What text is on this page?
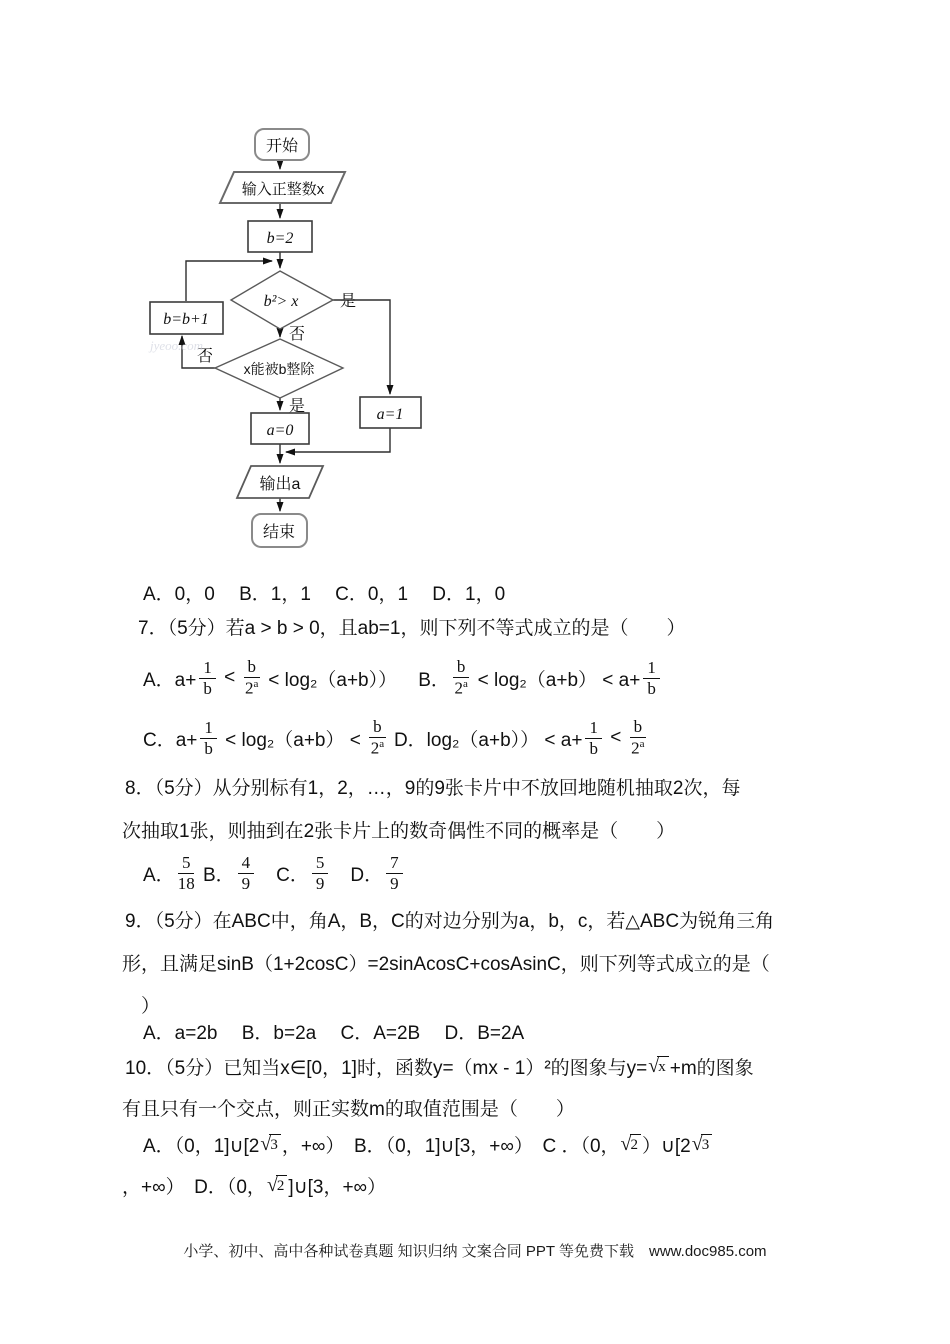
开始
输入正整数x
b=2
b²> x
b=b+1
x能被b整除
a=0
a=1
输出a
结束
是
否
否
是
jyeoo.com
A．0，0　 B．1，1　 C．0，1　 D．1，0
7．（5分）若a > b > 0，且ab=1，则下列不等式成立的是（　　）
A．$a+ \frac{1}{b} < \frac{b}{2^a} < \log_2(a+b)$）    B． $\frac{b}{2^a} < \log_2(a+b) < a+ \frac{1}{b}$
C．$a+ \frac{1}{b} < \log_2(a+b) < \frac{b}{2^a}$ D．$\log_2(a+b)) < a+ \frac{1}{b} < \frac{b}{2^a}$
8．（5分）从分别标有1，2，…，9的9张卡片中不放回地随机抽取2次，每
次抽取1张，则抽到在2张卡片上的数奇偶性不同的概率是（　　）
A． $\frac{5}{18}$ B． $\frac{4}{9}$ 　C． $\frac{5}{9}$ 　D． $\frac{7}{9}$
9．（5分）在ABC中，角A，B，C的对边分别为a，b，c，若△ABC为锐角三角
形，且满足sinB（1+2cosC）=2sinAcosC+cosAsinC，则下列等式成立的是（
　）
A．a=2b　 B．b=2a　 C．A=2B　 D．B=2A
10．（5分）已知当x∈[0，1]时，函数y=（mx - 1）²的图象与y= √ x +m的图象
有且只有一个交点，则正实数m的取值范围是（　　）
A．（0，1]∪[2 √ 3 ，+∞）　B．（0，1]∪[3，+∞）　C ．（0， √ 2 ）∪[2 √ 3
，+∞）　D．（0， √ 2 ]∪[3，+∞）
小学、初中、高中各种试卷真题 知识归纳 文案合同 PPT 等免费下载　www.doc985.com
